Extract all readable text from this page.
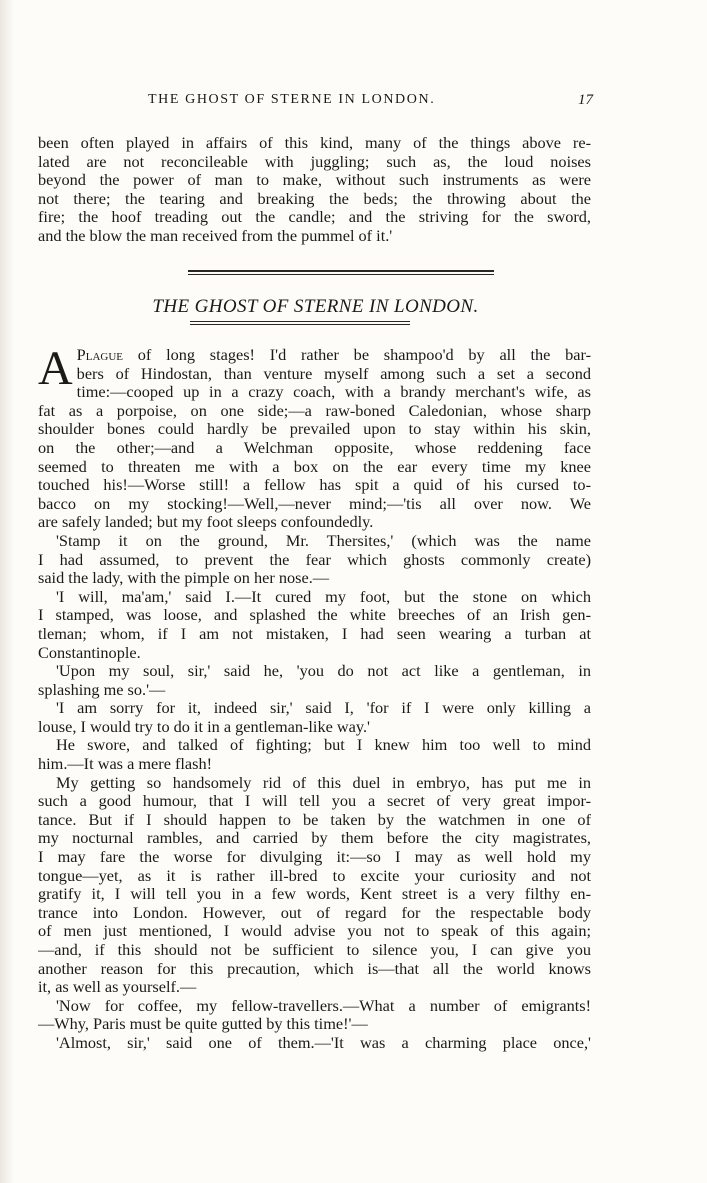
THE GHOST OF STERNE IN LONDON.	17
been often played in affairs of this kind, many of the things above re-
lated are not reconcileable with juggling; such as, the loud noises
beyond the power of man to make, without such instruments as were
not there; the tearing and breaking the beds; the throwing about the
fire; the hoof treading out the candle; and the striving for the sword,
and the blow the man received from the pummel of it.'
THE GHOST OF STERNE IN LONDON.
A Plague of long stages! I'd rather be shampoo'd by all the bar-
bers of Hindostan, than venture myself among such a set a second
time:—cooped up in a crazy coach, with a brandy merchant's wife, as
fat as a porpoise, on one side;—a raw-boned Caledonian, whose sharp
shoulder bones could hardly be prevailed upon to stay within his skin,
on the other;—and a Welchman opposite, whose reddening face
seemed to threaten me with a box on the ear every time my knee
touched his!—Worse still! a fellow has spit a quid of his cursed to-
bacco on my stocking!—Well,—never mind;—'tis all over now. We
are safely landed; but my foot sleeps confoundedly.
'Stamp it on the ground, Mr. Thersites,' (which was the name
I had assumed, to prevent the fear which ghosts commonly create)
said the lady, with the pimple on her nose.—
'I will, ma'am,' said I.—It cured my foot, but the stone on which
I stamped, was loose, and splashed the white breeches of an Irish gen-
tleman; whom, if I am not mistaken, I had seen wearing a turban at
Constantinople.
'Upon my soul, sir,' said he, 'you do not act like a gentleman, in
splashing me so.'—
'I am sorry for it, indeed sir,' said I, 'for if I were only killing a
louse, I would try to do it in a gentleman-like way.'
He swore, and talked of fighting; but I knew him too well to mind
him.—It was a mere flash!
My getting so handsomely rid of this duel in embryo, has put me in
such a good humour, that I will tell you a secret of very great impor-
tance. But if I should happen to be taken by the watchmen in one of
my nocturnal rambles, and carried by them before the city magistrates,
I may fare the worse for divulging it:—so I may as well hold my
tongue—yet, as it is rather ill-bred to excite your curiosity and not
gratify it, I will tell you in a few words, Kent street is a very filthy en-
trance into London. However, out of regard for the respectable body
of men just mentioned, I would advise you not to speak of this again;
—and, if this should not be sufficient to silence you, I can give you
another reason for this precaution, which is—that all the world knows
it, as well as yourself.—
'Now for coffee, my fellow-travellers.—What a number of emigrants!
—Why, Paris must be quite gutted by this time!'—
'Almost, sir,' said one of them.—'It was a charming place once,'
